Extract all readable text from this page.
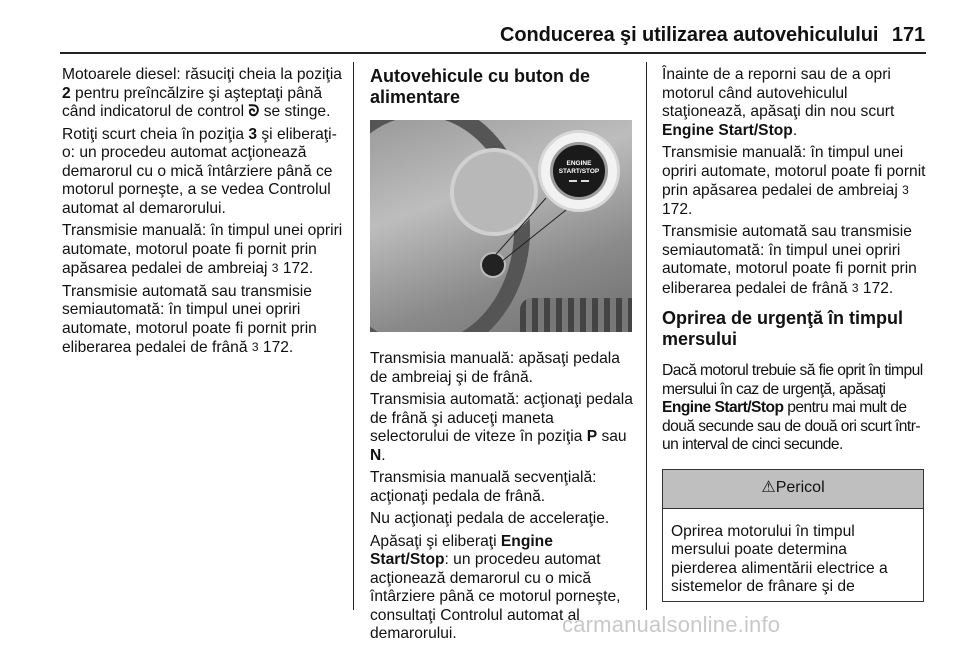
Conducerea şi utilizarea autovehiculului 171

Motoarele diesel: răsuciţi cheia la poziţia 2 pentru preîncălzire şi aşteptaţi până când indicatorul de control ᘐ se stinge.

Rotiţi scurt cheia în poziţia 3 şi eliberaţi-o: un procedeu automat acţionează demarorul cu o mică întârziere până ce motorul porneşte, a se vedea Controlul automat al demarorului.

Transmisie manuală: în timpul unei opriri automate, motorul poate fi pornit prin apăsarea pedalei de ambreiaj 3 172.

Transmisie automată sau transmisie semiautomată: în timpul unei opriri automate, motorul poate fi pornit prin eliberarea pedalei de frână 3 172.

Autovehicule cu buton de alimentare
ENGINE
START/STOP

Transmisia manuală: apăsaţi pedala de ambreiaj şi de frână.

Transmisia automată: acţionaţi pedala de frână şi aduceţi maneta selectorului de viteze în poziţia P sau N.

Transmisia manuală secvenţială: acţionaţi pedala de frână.

Nu acţionaţi pedala de acceleraţie.

Apăsaţi şi eliberaţi Engine Start/Stop: un procedeu automat acţionează demarorul cu o mică întârziere până ce motorul porneşte, consultaţi Controlul automat al demarorului.

Înainte de a reporni sau de a opri motorul când autovehiculul staţionează, apăsaţi din nou scurt Engine Start/Stop.

Transmisie manuală: în timpul unei opriri automate, motorul poate fi pornit prin apăsarea pedalei de ambreiaj 3 172.

Transmisie automată sau transmisie semiautomată: în timpul unei opriri automate, motorul poate fi pornit prin eliberarea pedalei de frână 3 172.

Oprirea de urgenţă în timpul mersului

Dacă motorul trebuie să fie oprit în timpul mersului în caz de urgenţă, apăsaţi Engine Start/Stop pentru mai mult de două secunde sau de două ori scurt într-un interval de cinci secunde.

⚠ Pericol

Oprirea motorului în timpul mersului poate determina pierderea alimentării electrice a sistemelor de frânare şi de

carmanualsonline.info
